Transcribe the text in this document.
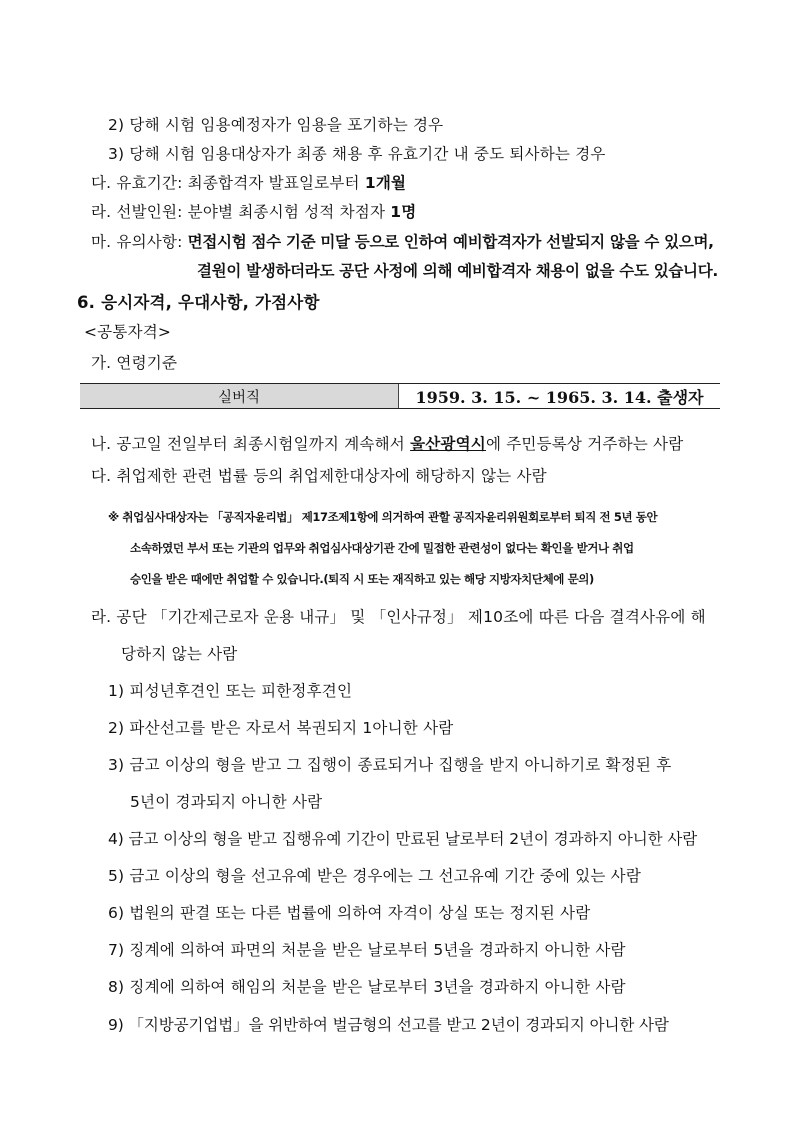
2) 당해 시험 임용예정자가 임용을 포기하는 경우
3) 당해 시험 임용대상자가 최종 채용 후 유효기간 내 중도 퇴사하는 경우
다. 유효기간: 최종합격자 발표일로부터 1개월
라. 선발인원: 분야별 최종시험 성적 차점자 1명
마. 유의사항: 면접시험 점수 기준 미달 등으로 인하여 예비합격자가 선발되지 않을 수 있으며,
결원이 발생하더라도 공단 사정에 의해 예비합격자 채용이 없을 수도 있습니다.
6. 응시자격, 우대사항, 가점사항
<공통자격>
가. 연령기준
실버직	1959. 3. 15. ~ 1965. 3. 14. 출생자
나. 공고일 전일부터 최종시험일까지 계속해서 울산광역시에 주민등록상 거주하는 사람
다. 취업제한 관련 법률 등의 취업제한대상자에 해당하지 않는 사람
※ 취업심사대상자는 「공직자윤리법」 제17조제1항에 의거하여 관할 공직자윤리위원회로부터 퇴직 전 5년 동안
소속하였던 부서 또는 기관의 업무와 취업심사대상기관 간에 밀접한 관련성이 없다는 확인을 받거나 취업
승인을 받은 때에만 취업할 수 있습니다.(퇴직 시 또는 재직하고 있는 해당 지방자치단체에 문의)
라. 공단 「기간제근로자 운용 내규」 및 「인사규정」 제10조에 따른 다음 결격사유에 해
당하지 않는 사람
1) 피성년후견인 또는 피한정후견인
2) 파산선고를 받은 자로서 복권되지 1아니한 사람
3) 금고 이상의 형을 받고 그 집행이 종료되거나 집행을 받지 아니하기로 확정된 후
5년이 경과되지 아니한 사람
4) 금고 이상의 형을 받고 집행유예 기간이 만료된 날로부터 2년이 경과하지 아니한 사람
5) 금고 이상의 형을 선고유예 받은 경우에는 그 선고유예 기간 중에 있는 사람
6) 법원의 판결 또는 다른 법률에 의하여 자격이 상실 또는 정지된 사람
7) 징계에 의하여 파면의 처분을 받은 날로부터 5년을 경과하지 아니한 사람
8) 징계에 의하여 해임의 처분을 받은 날로부터 3년을 경과하지 아니한 사람
9) 「지방공기업법」을 위반하여 벌금형의 선고를 받고 2년이 경과되지 아니한 사람
